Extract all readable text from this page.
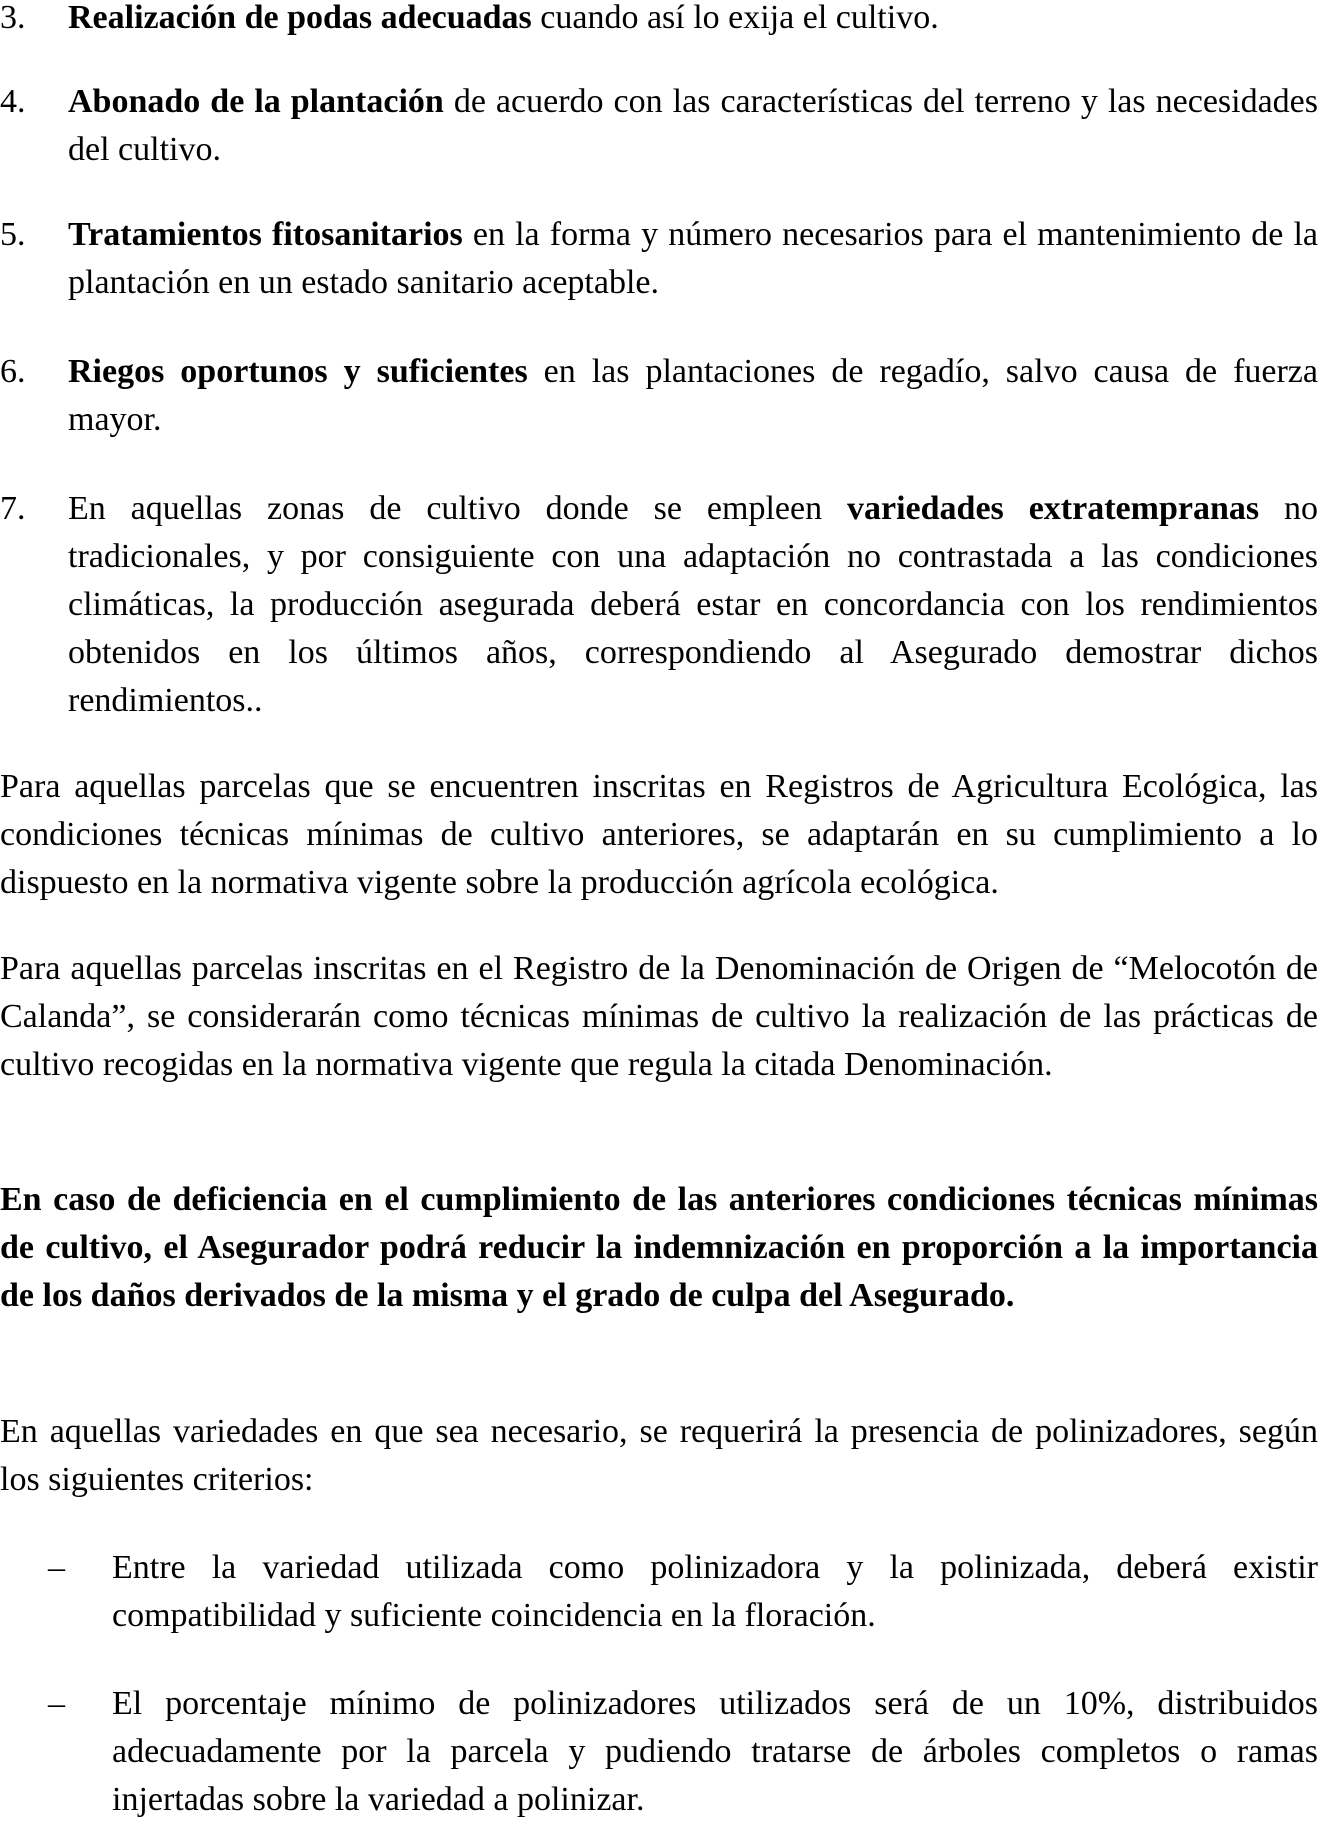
3.	Realización de podas adecuadas cuando así lo exija el cultivo.
4.	Abonado de la plantación de acuerdo con las características del terreno y las necesidades del cultivo.
5.	Tratamientos fitosanitarios en la forma y número necesarios para el mantenimiento de la plantación en un estado sanitario aceptable.
6.	Riegos oportunos y suficientes en las plantaciones de regadío, salvo causa de fuerza mayor.
7.	En aquellas zonas de cultivo donde se empleen variedades extratempranas no tradicionales, y por consiguiente con una adaptación no contrastada a las condiciones climáticas, la producción asegurada deberá estar en concordancia con los rendimientos obtenidos en los últimos años, correspondiendo al Asegurado demostrar dichos rendimientos..
Para aquellas parcelas que se encuentren inscritas en Registros de Agricultura Ecológica, las condiciones técnicas mínimas de cultivo anteriores, se adaptarán en su cumplimiento a lo dispuesto en la normativa vigente sobre la producción agrícola ecológica.
Para aquellas parcelas inscritas en el Registro de la Denominación de Origen de “Melocotón de Calanda”, se considerarán como técnicas mínimas de cultivo la realización de las prácticas de cultivo recogidas en la normativa vigente que regula la citada Denominación.
En caso de deficiencia en el cumplimiento de las anteriores condiciones técnicas mínimas de cultivo, el Asegurador podrá reducir la indemnización en proporción a la importancia de los daños derivados de la misma y el grado de culpa del Asegurado.
En aquellas variedades en que sea necesario, se requerirá la presencia de polinizadores, según los siguientes criterios:
– Entre la variedad utilizada como polinizadora y la polinizada, deberá existir compatibilidad y suficiente coincidencia en la floración.
– El porcentaje mínimo de polinizadores utilizados será de un 10%, distribuidos adecuadamente por la parcela y pudiendo tratarse de árboles completos o ramas injertadas sobre la variedad a polinizar.
